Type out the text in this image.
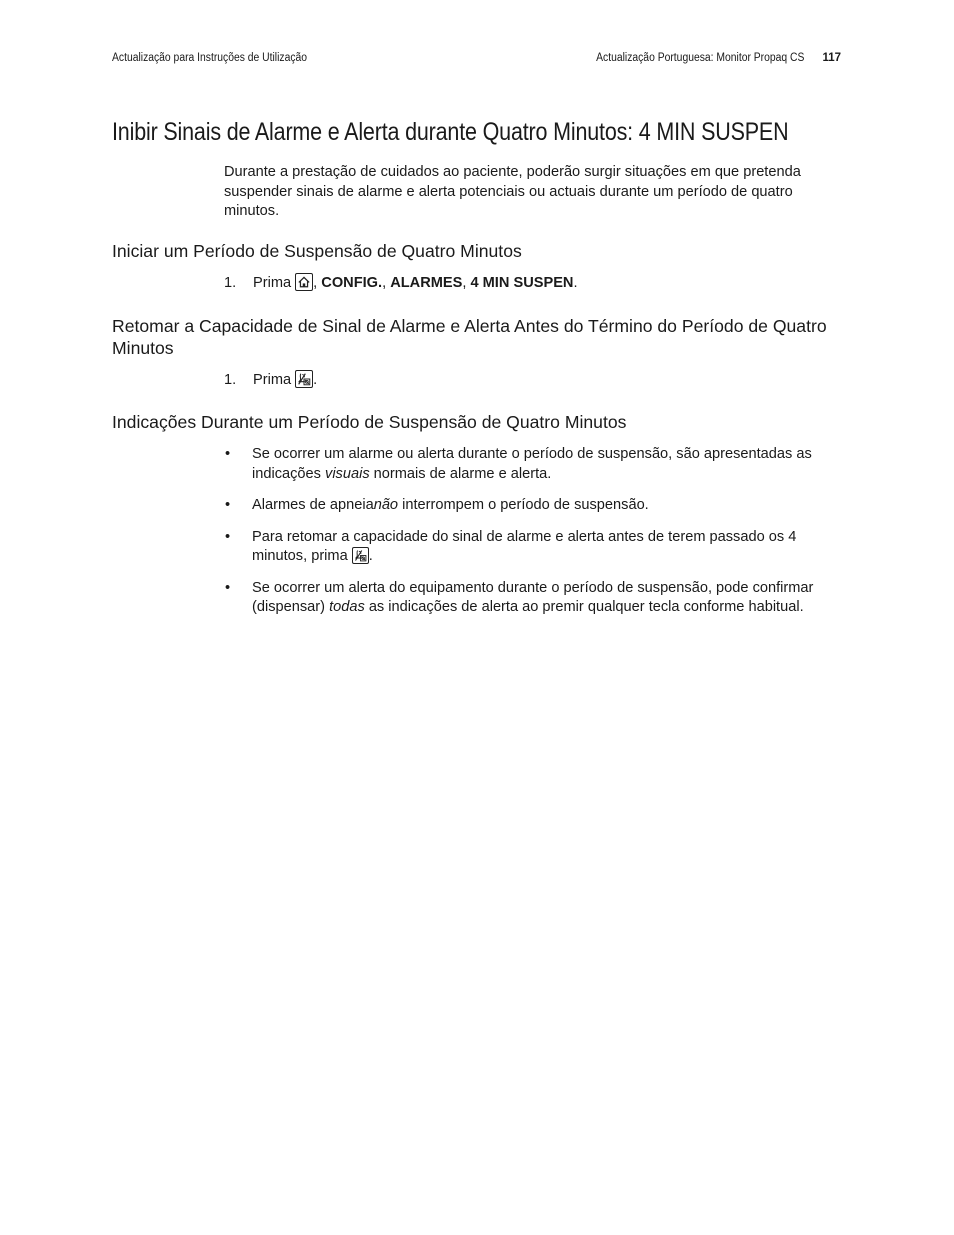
Actualização para Instruções de Utilização	Actualização Portuguesa: Monitor Propaq CS 117
Inibir Sinais de Alarme e Alerta durante Quatro Minutos: 4 MIN SUSPEN

Durante a prestação de cuidados ao paciente, poderão surgir situações em que pretenda suspender sinais de alarme e alerta potenciais ou actuais durante um período de quatro minutos.

Iniciar um Período de Suspensão de Quatro Minutos
1. Prima , CONFIG., ALARMES, 4 MIN SUSPEN.
Retomar a Capacidade de Sinal de Alarme e Alerta Antes do Término do Período de Quatro Minutos
1. Prima .
Indicações Durante um Período de Suspensão de Quatro Minutos
• Se ocorrer um alarme ou alerta durante o período de suspensão, são apresentadas as indicações visuais normais de alarme e alerta.
• Alarmes de apneianão interrompem o período de suspensão.
• Para retomar a capacidade do sinal de alarme e alerta antes de terem passado os 4 minutos, prima .
• Se ocorrer um alerta do equipamento durante o período de suspensão, pode confirmar (dispensar) todas as indicações de alerta ao premir qualquer tecla conforme habitual.
